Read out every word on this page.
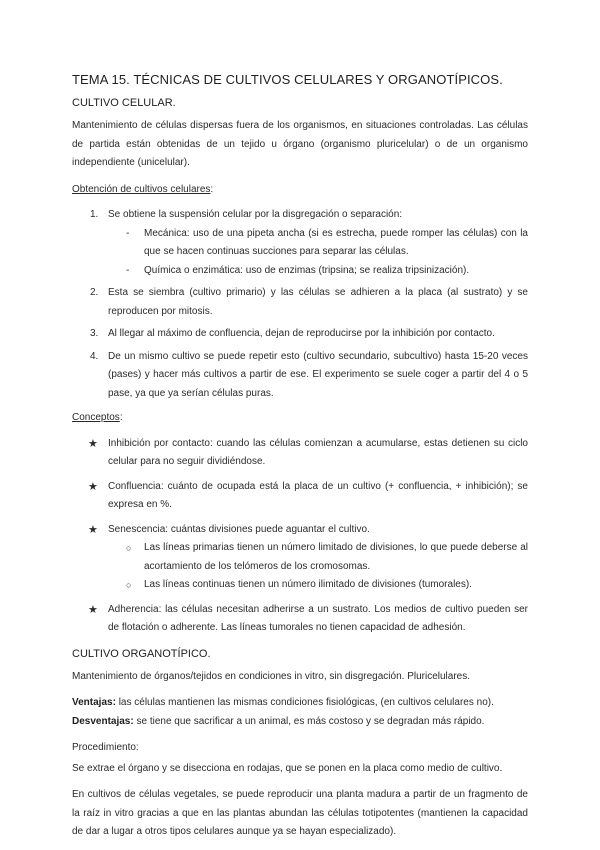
TEMA 15. TÉCNICAS DE CULTIVOS CELULARES Y ORGANOTÍPICOS.
CULTIVO CELULAR.

Mantenimiento de células dispersas fuera de los organismos, en situaciones controladas. Las células de partida están obtenidas de un tejido u órgano (organismo pluricelular) o de un organismo independiente (unicelular).

Obtención de cultivos celulares:
1. Se obtiene la suspensión celular por la disgregación o separación:
- Mecánica: uso de una pipeta ancha (si es estrecha, puede romper las células) con la que se hacen continuas succiones para separar las células.
- Química o enzimática: uso de enzimas (tripsina; se realiza tripsinización).
2. Esta se siembra (cultivo primario) y las células se adhieren a la placa (al sustrato) y se reproducen por mitosis.
3. Al llegar al máximo de confluencia, dejan de reproducirse por la inhibición por contacto.
4. De un mismo cultivo se puede repetir esto (cultivo secundario, subcultivo) hasta 15-20 veces (pases) y hacer más cultivos a partir de ese. El experimento se suele coger a partir del 4 o 5 pase, ya que ya serían células puras.
Conceptos:
★ Inhibición por contacto: cuando las células comienzan a acumularse, estas detienen su ciclo celular para no seguir dividiéndose.
★ Confluencia: cuánto de ocupada está la placa de un cultivo (+ confluencia, + inhibición); se expresa en %.
★ Senescencia: cuántas divisiones puede aguantar el cultivo.
○ Las líneas primarias tienen un número limitado de divisiones, lo que puede deberse al acortamiento de los telómeros de los cromosomas.
○ Las líneas continuas tienen un número ilimitado de divisiones (tumorales).
★ Adherencia: las células necesitan adherirse a un sustrato. Los medios de cultivo pueden ser de flotación o adherente. Las líneas tumorales no tienen capacidad de adhesión.
CULTIVO ORGANOTÍPICO.

Mantenimiento de órganos/tejidos en condiciones in vitro, sin disgregación. Pluricelulares.

Ventajas: las células mantienen las mismas condiciones fisiológicas, (en cultivos celulares no).

Desventajas: se tiene que sacrificar a un animal, es más costoso y se degradan más rápido.

Procedimiento:

Se extrae el órgano y se disecciona en rodajas, que se ponen en la placa como medio de cultivo.

En cultivos de células vegetales, se puede reproducir una planta madura a partir de un fragmento de la raíz in vitro gracias a que en las plantas abundan las células totipotentes (mantienen la capacidad de dar a lugar a otros tipos celulares aunque ya se hayan especializado).
